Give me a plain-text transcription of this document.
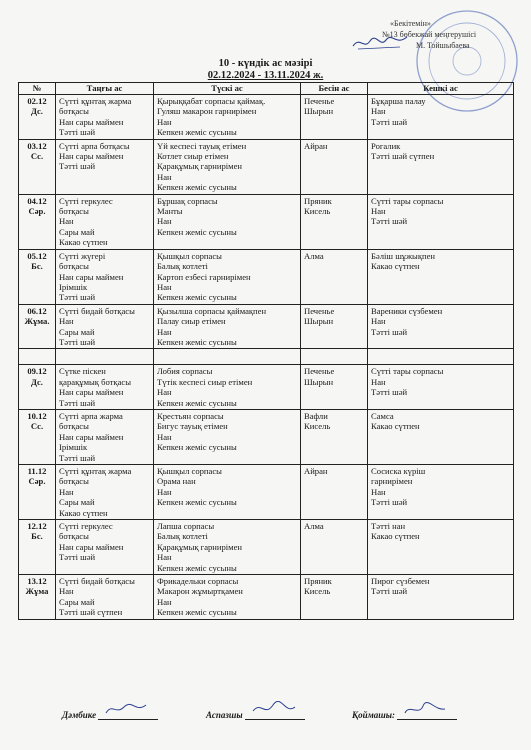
«Бекітемін»
№13 бөбекжай меңгерушісі
М. Тойшыбаева
10 - күндік ас мәзірі
02.12.2024 - 13.11.2024 ж.
№	Таңғы ас	Түскі ас	Бесін ас	Кешкі ас

02.12
Дс.	Сүтті құнтақ жарма
ботқасы
Нан сары маймен
Тәтті шәй	Қырыққабат сорпасы қаймақ.
Гуляш макарон гарнирімен
Нан
Кепкен жеміс сусыны	Печенье
Шырын	Бұқарша палау
Нан
Тәтті шәй

03.12
Сс.	Сүтті арпа ботқасы
Нан сары маймен
Тәтті шәй	Үй кеспесі тауық етімен
Котлет сиыр етімен
Қарақұмық гарнирімен
Нан
Кепкен жеміс сусыны	Айран	Рогалик
Тәтті шәй сүтпен

04.12
Сәр.	Сүтті геркулес
ботқасы
Нан
Сары май
Какао сүтпен	Бұршақ сорпасы
Манты
Нан
Кепкен жеміс сусыны	Пряник
Кисель	Сүтті тары сорпасы
Нан
Тәтті шәй

05.12
Бс.	Сүтті жүгері
ботқасы
Нан сары маймен
Ірімшік
Тәтті шәй	Қышқыл сорпасы
Балық котлеті
Картоп езбесі гарнирімен
Нан
Кепкен жеміс сусыны	Алма	Бәліш шұжықпен
Какао сүтпен

06.12
Жұма.	Сүтті бидай ботқасы
Нан
Сары май
Тәтті шәй	Қызылша сорпасы қаймақпен
Палау сиыр етімен
Нан
Кепкен жеміс сусыны	Печенье
Шырын	Вареники сүзбемен
Нан
Тәтті шәй

09.12
Дс.	Сүтке піскен
қарақұмық ботқасы
Нан сары маймен
Тәтті шәй	Лобия сорпасы
Түтік кеспесі сиыр етімен
Нан
Кепкен жеміс сусыны	Печенье
Шырын	Сүтті тары сорпасы
Нан
Тәтті шәй

10.12
Сс.	Сүтті арпа жарма
ботқасы
Нан сары маймен
Ірімшік
Тәтті шәй	Крестьян сорпасы
Бигус тауық етімен
Нан
Кепкен жеміс сусыны	Вафли
Кисель	Самса
Какао сүтпен

11.12
Сәр.	Сүтті құнтақ жарма
ботқасы
Нан
Сары май
Какао сүтпен	Қышқыл сорпасы
Орама нан
Нан
Кепкен жеміс сусыны	Айран	Сосиска күріш
гарнирімен
Нан
Тәтті шәй

12.12
Бс.	Сүтті геркулес
ботқасы
Нан сары маймен
Тәтті шәй	Лапша сорпасы
Балық котлеті
Қарақұмық гарнирімен
Нан
Кепкен жеміс сусыны	Алма	Тәтті нан
Какао сүтпен

13.12
Жұма	Сүтті бидай ботқасы
Нан
Сары май
Тәтті шәй сүтпен	Фрикадельки сорпасы
Макарон жұмыртқамен
Нан
Кепкен жеміс сусыны	Пряник
Кисель	Пирог сүзбемен
Тәтті шәй
Дәмбике	Аспазшы	Қоймашы:
